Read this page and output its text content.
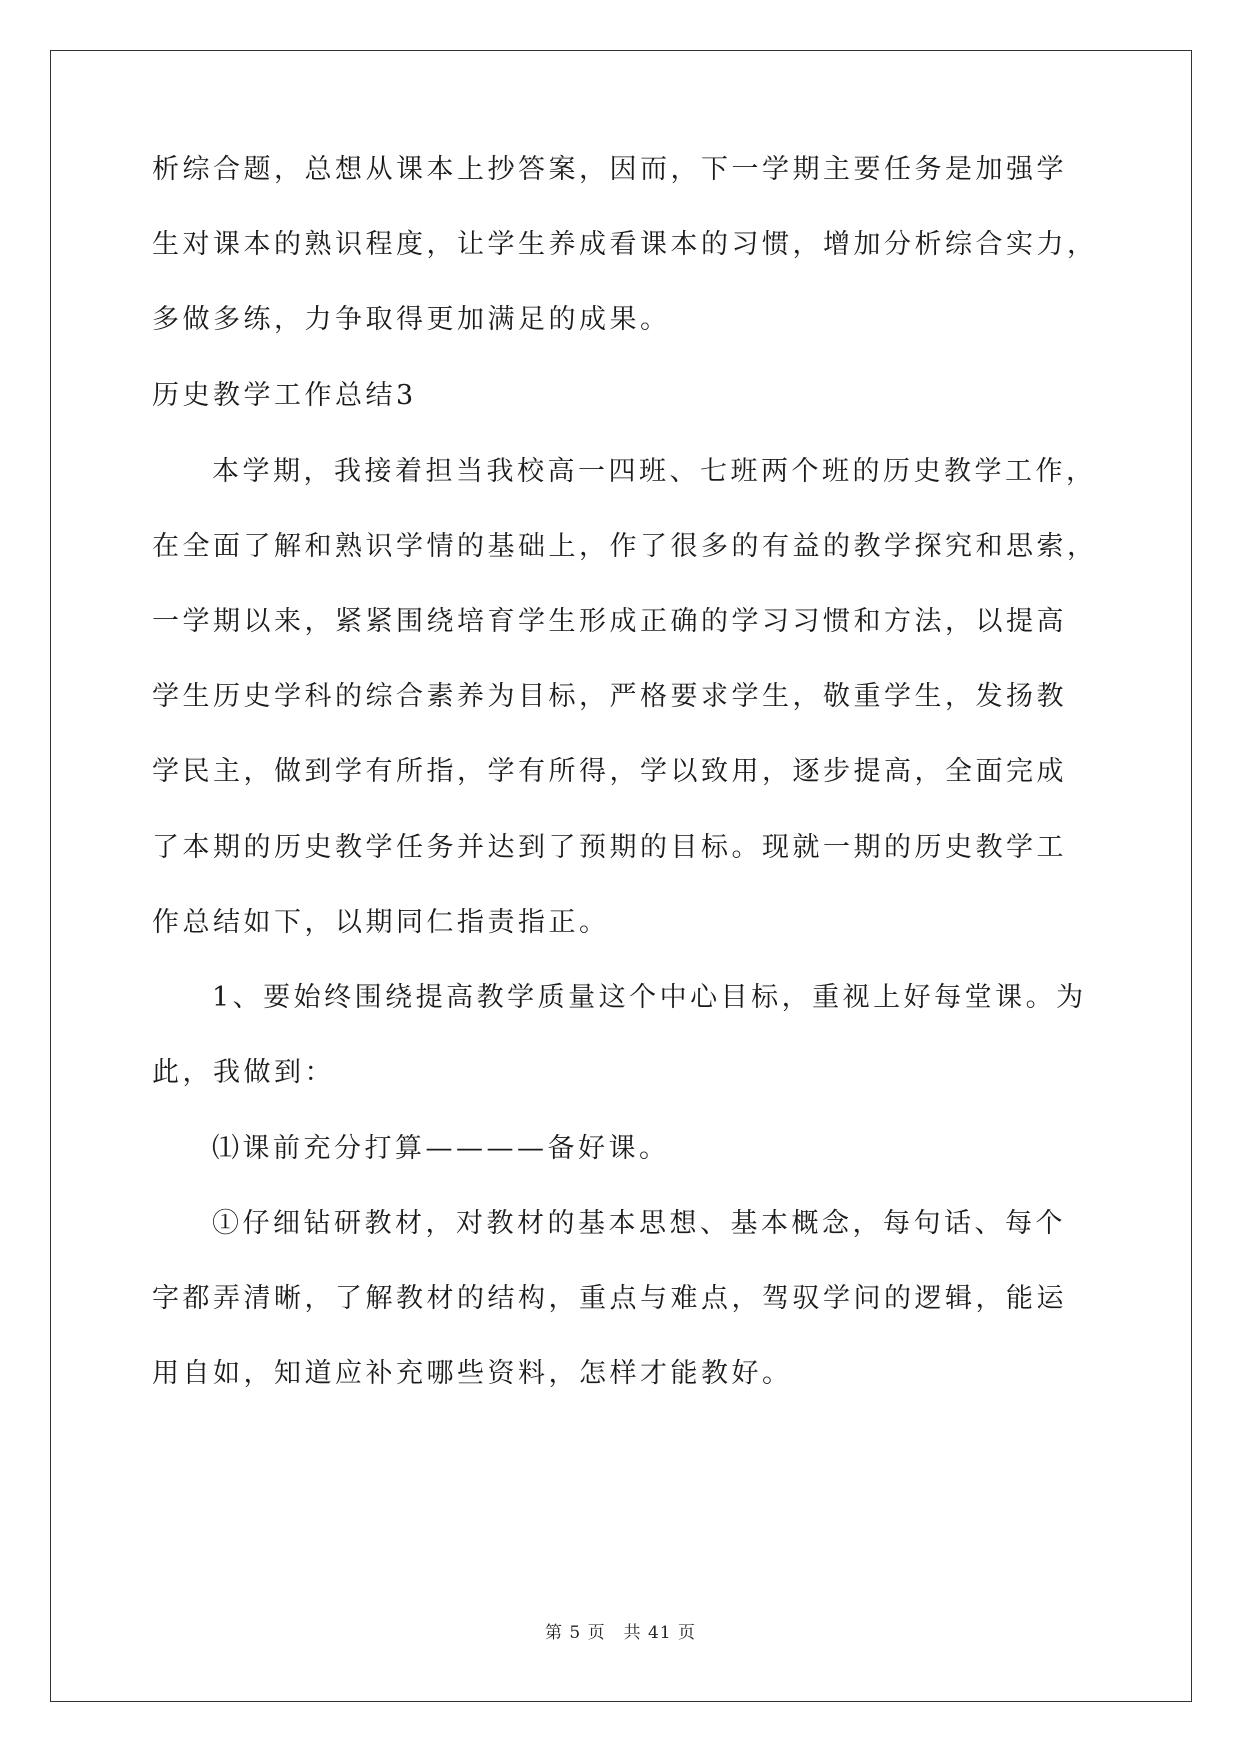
析综合题，总想从课本上抄答案，因而，下一学期主要任务是加强学
生对课本的熟识程度，让学生养成看课本的习惯，增加分析综合实力，
多做多练，力争取得更加满足的成果。
历史教学工作总结3
本学期，我接着担当我校高一四班、七班两个班的历史教学工作，
在全面了解和熟识学情的基础上，作了很多的有益的教学探究和思索，
一学期以来，紧紧围绕培育学生形成正确的学习习惯和方法，以提高
学生历史学科的综合素养为目标，严格要求学生，敬重学生，发扬教
学民主，做到学有所指，学有所得，学以致用，逐步提高，全面完成
了本期的历史教学任务并达到了预期的目标。现就一期的历史教学工
作总结如下，以期同仁指责指正。
1、要始终围绕提高教学质量这个中心目标，重视上好每堂课。为
此，我做到：
⑴课前充分打算————备好课。
①仔细钻研教材，对教材的基本思想、基本概念，每句话、每个
字都弄清晰，了解教材的结构，重点与难点，驾驭学问的逻辑，能运
用自如，知道应补充哪些资料，怎样才能教好。
第 5 页　共 41 页
